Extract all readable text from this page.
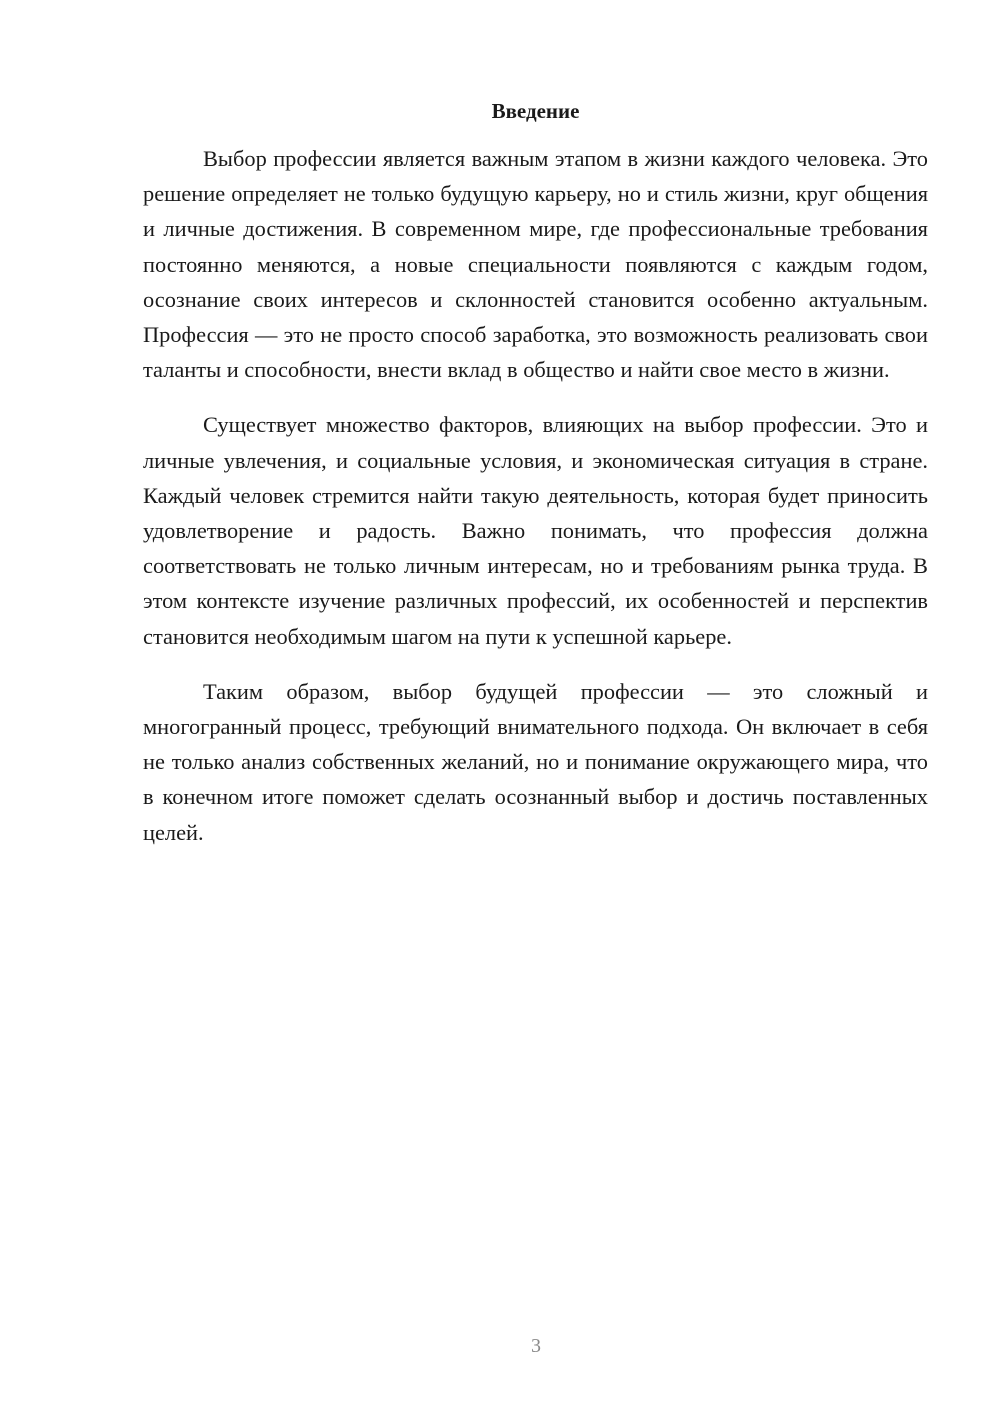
Введение

Выбор профессии является важным этапом в жизни каждого человека. Это решение определяет не только будущую карьеру, но и стиль жизни, круг общения и личные достижения. В современном мире, где профессиональные требования постоянно меняются, а новые специальности появляются с каждым годом, осознание своих интересов и склонностей становится особенно актуальным. Профессия — это не просто способ заработка, это возможность реализовать свои таланты и способности, внести вклад в общество и найти свое место в жизни.

Существует множество факторов, влияющих на выбор профессии. Это и личные увлечения, и социальные условия, и экономическая ситуация в стране. Каждый человек стремится найти такую деятельность, которая будет приносить удовлетворение и радость. Важно понимать, что профессия должна соответствовать не только личным интересам, но и требованиям рынка труда. В этом контексте изучение различных профессий, их особенностей и перспектив становится необходимым шагом на пути к успешной карьере.

Таким образом, выбор будущей профессии — это сложный и многогранный процесс, требующий внимательного подхода. Он включает в себя не только анализ собственных желаний, но и понимание окружающего мира, что в конечном итоге поможет сделать осознанный выбор и достичь поставленных целей.

3
